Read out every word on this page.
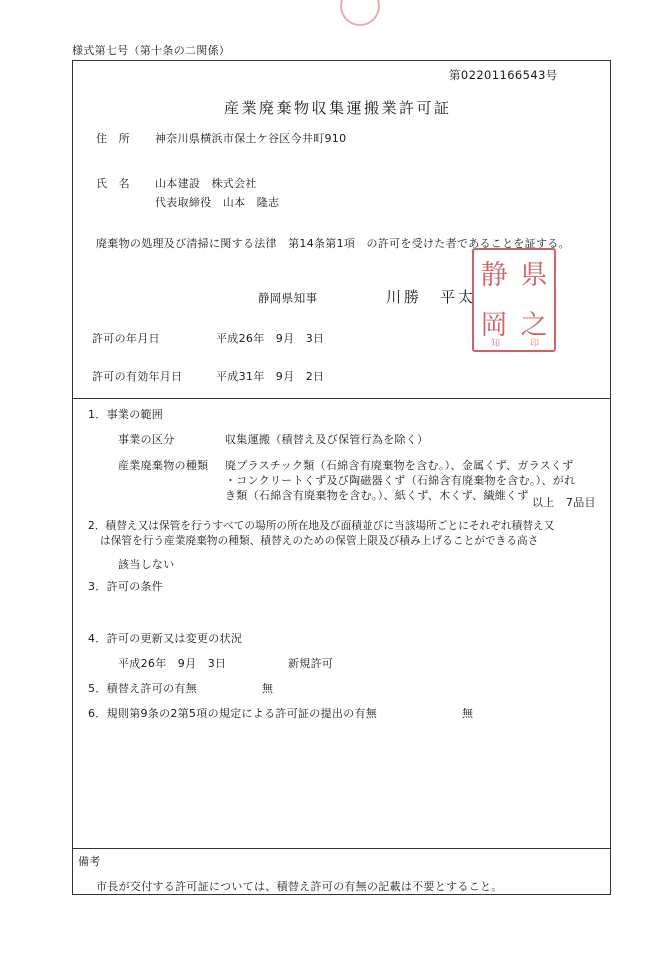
様式第七号（第十条の二関係）
第02201166543号
産業廃棄物収集運搬業許可証
住　所 神奈川県横浜市保土ケ谷区今井町910
氏　名 山本建設　株式会社
代表取締役　山本　隆志
廃棄物の処理及び清掃に関する法律　第14条第1項　の許可を受けた者であることを証する。
静岡県知事	川勝　平太
静 県
岡 之
知	印
許可の年月日	平成26年　9月　3日
許可の有効年月日	平成31年　9月　2日
1．事業の範囲
事業の区分	収集運搬（積替え及び保管行為を除く）
産業廃棄物の種類 廃プラスチック類（石綿含有廃棄物を含む。）、金属くず、ガラスくず
・コンクリートくず及び陶磁器くず（石綿含有廃棄物を含む。）、がれ
き類（石綿含有廃棄物を含む。）、紙くず、木くず、繊維くず
以上　7品目
2．積替え又は保管を行うすべての場所の所在地及び面積並びに当該場所ごとにそれぞれ積替え又
は保管を行う産業廃棄物の種類、積替えのための保管上限及び積み上げることができる高さ
該当しない
3．許可の条件
4．許可の更新又は変更の状況
平成26年　9月　3日	新規許可
5．積替え許可の有無	無
6．規則第9条の2第5項の規定による許可証の提出の有無	無
備考
市長が交付する許可証については、積替え許可の有無の記載は不要とすること。
